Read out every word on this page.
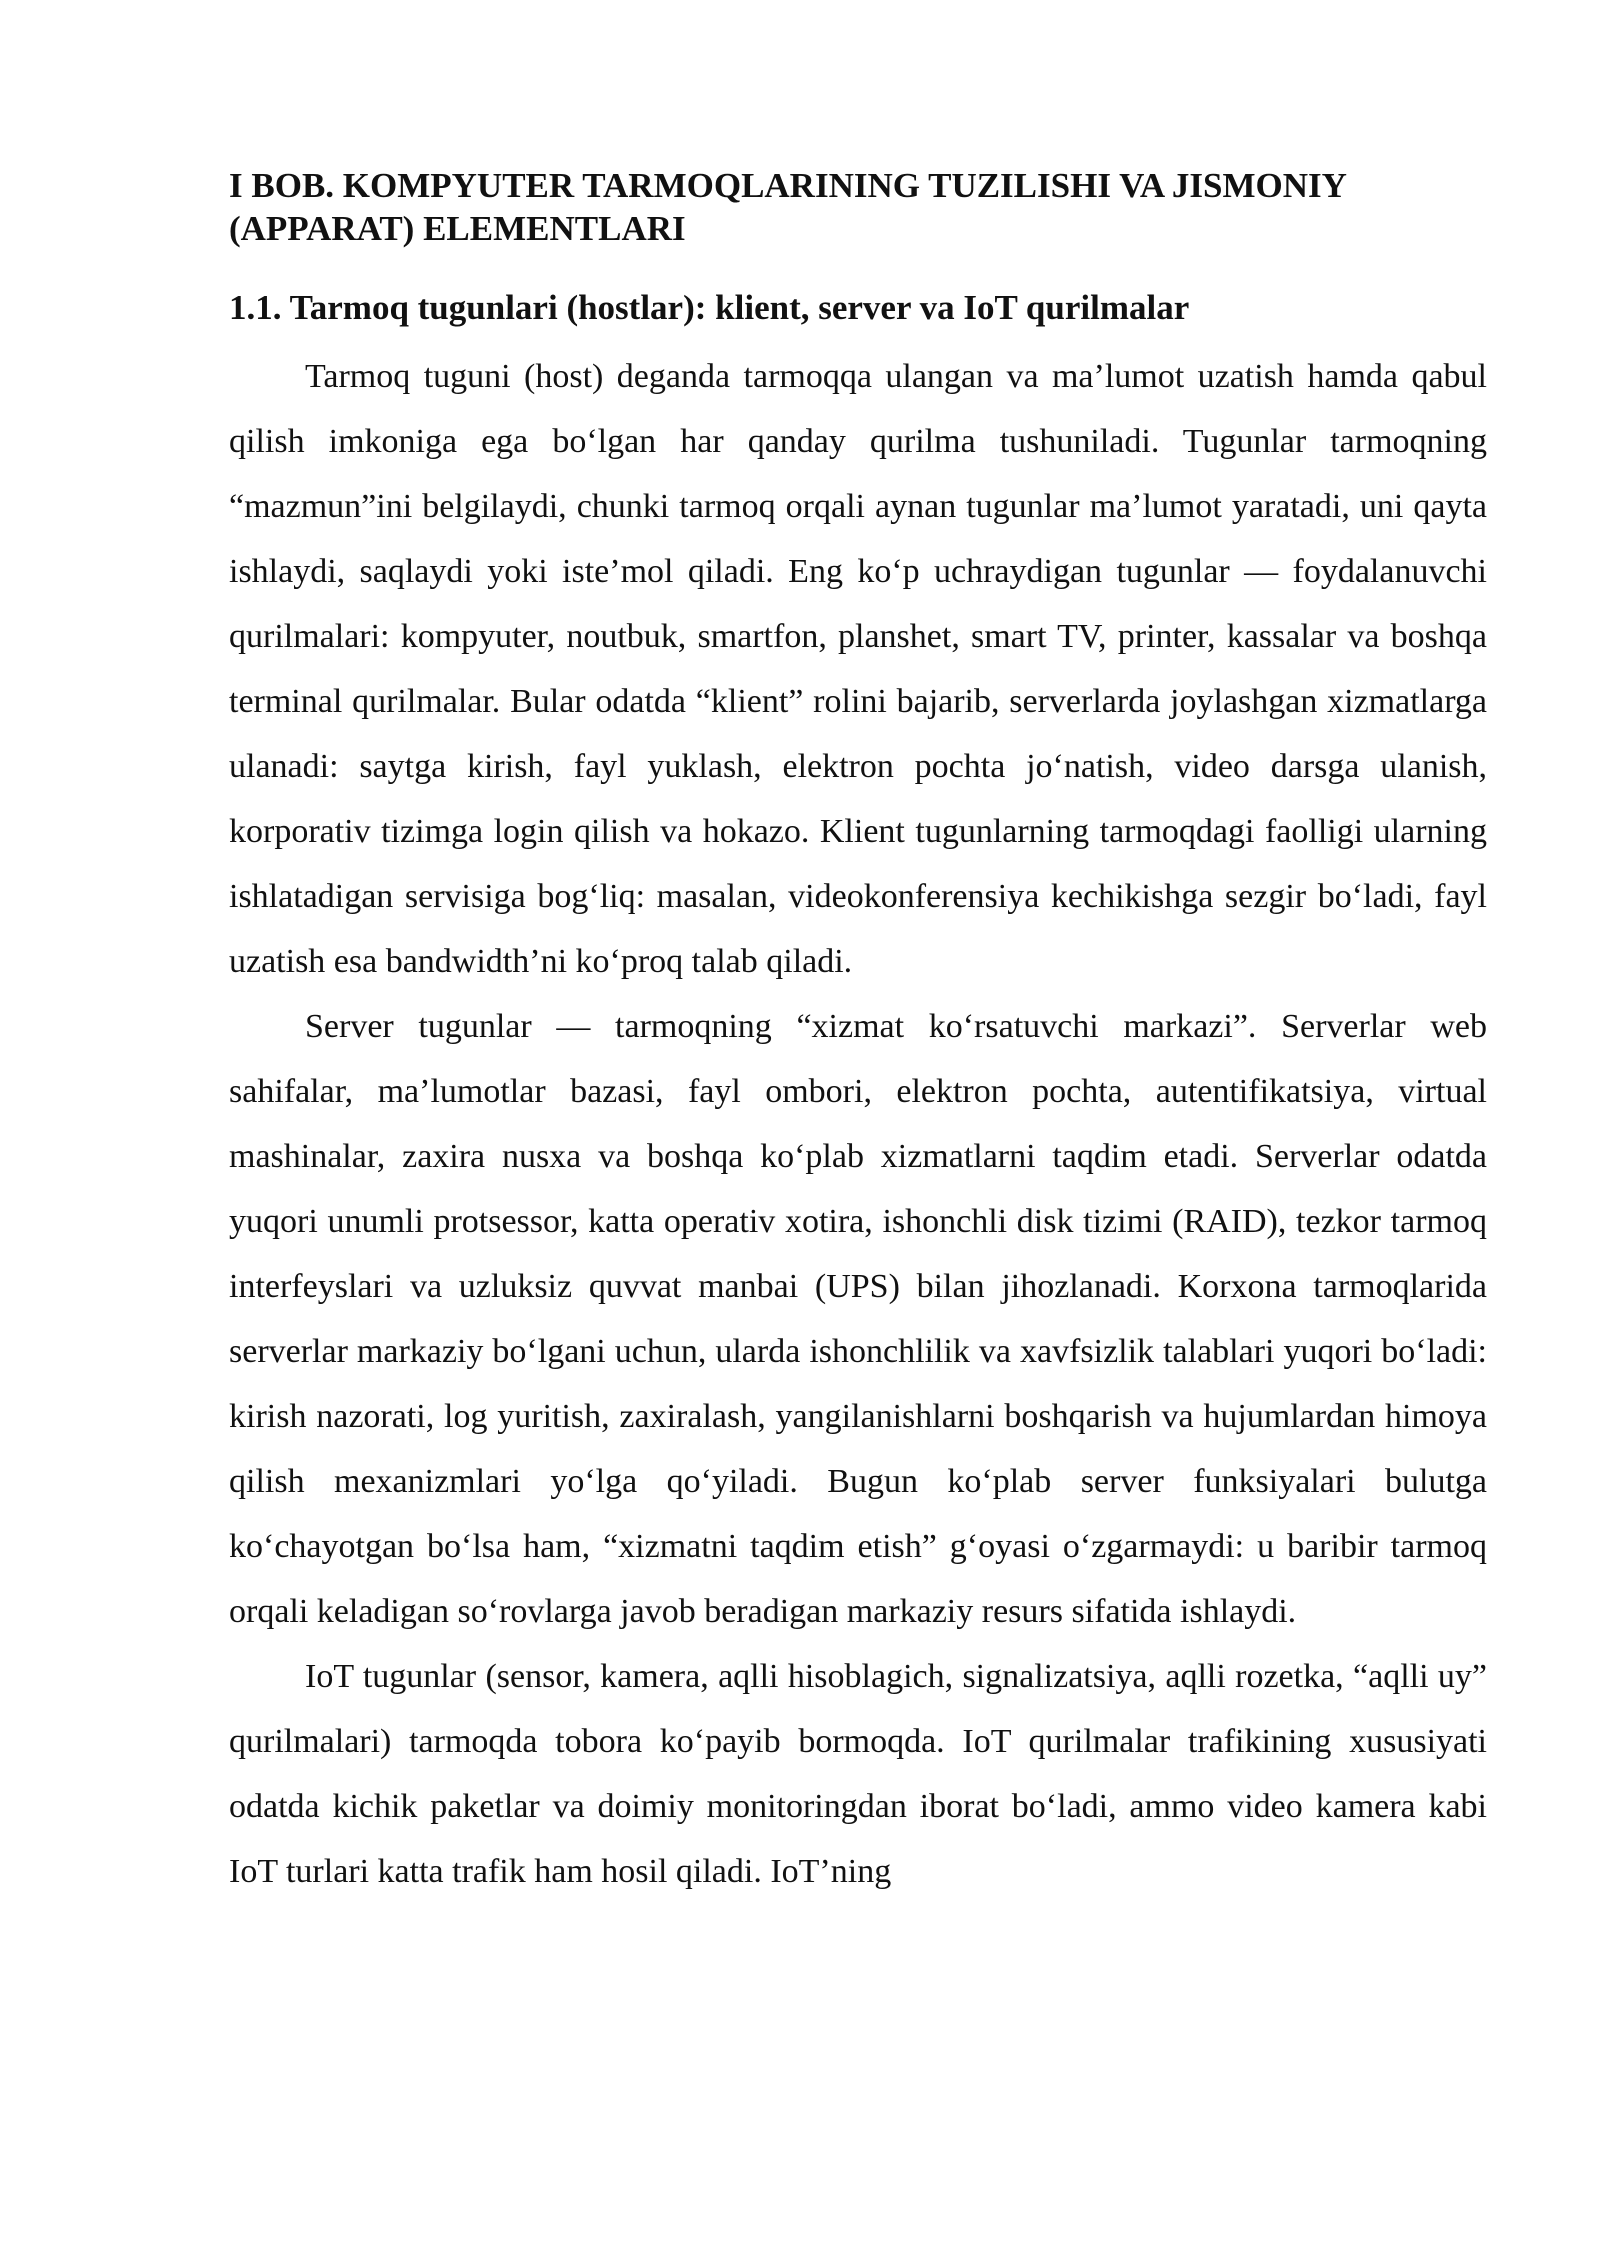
I BOB. KOMPYUTER TARMOQLARINING TUZILISHI VA JISMONIY (APPARAT) ELEMENTLARI
1.1. Tarmoq tugunlari (hostlar): klient, server va IoT qurilmalar

Tarmoq tuguni (host) deganda tarmoqqa ulangan va ma’lumot uzatish hamda qabul qilish imkoniga ega bo‘lgan har qanday qurilma tushuniladi. Tugunlar tarmoqning “mazmun”ini belgilaydi, chunki tarmoq orqali aynan tugunlar ma’lumot yaratadi, uni qayta ishlaydi, saqlaydi yoki iste’mol qiladi. Eng ko‘p uchraydigan tugunlar — foydalanuvchi qurilmalari: kompyuter, noutbuk, smartfon, planshet, smart TV, printer, kassalar va boshqa terminal qurilmalar. Bular odatda “klient” rolini bajarib, serverlarda joylashgan xizmatlarga ulanadi: saytga kirish, fayl yuklash, elektron pochta jo‘natish, video darsga ulanish, korporativ tizimga login qilish va hokazo. Klient tugunlarning tarmoqdagi faolligi ularning ishlatadigan servisiga bog‘liq: masalan, videokonferensiya kechikishga sezgir bo‘ladi, fayl uzatish esa bandwidth’ni ko‘proq talab qiladi.

Server tugunlar — tarmoqning “xizmat ko‘rsatuvchi markazi”. Serverlar web sahifalar, ma’lumotlar bazasi, fayl ombori, elektron pochta, autentifikatsiya, virtual mashinalar, zaxira nusxa va boshqa ko‘plab xizmatlarni taqdim etadi. Serverlar odatda yuqori unumli protsessor, katta operativ xotira, ishonchli disk tizimi (RAID), tezkor tarmoq interfeyslari va uzluksiz quvvat manbai (UPS) bilan jihozlanadi. Korxona tarmoqlarida serverlar markaziy bo‘lgani uchun, ularda ishonchlilik va xavfsizlik talablari yuqori bo‘ladi: kirish nazorati, log yuritish, zaxiralash, yangilanishlarni boshqarish va hujumlardan himoya qilish mexanizmlari yo‘lga qo‘yiladi. Bugun ko‘plab server funksiyalari bulutga ko‘chayotgan bo‘lsa ham, “xizmatni taqdim etish” g‘oyasi o‘zgarmaydi: u baribir tarmoq orqali keladigan so‘rovlarga javob beradigan markaziy resurs sifatida ishlaydi.

IoT tugunlar (sensor, kamera, aqlli hisoblagich, signalizatsiya, aqlli rozetka, “aqlli uy” qurilmalari) tarmoqda tobora ko‘payib bormoqda. IoT qurilmalar trafikining xususiyati odatda kichik paketlar va doimiy monitoringdan iborat bo‘ladi, ammo video kamera kabi IoT turlari katta trafik ham hosil qiladi. IoT’ning
